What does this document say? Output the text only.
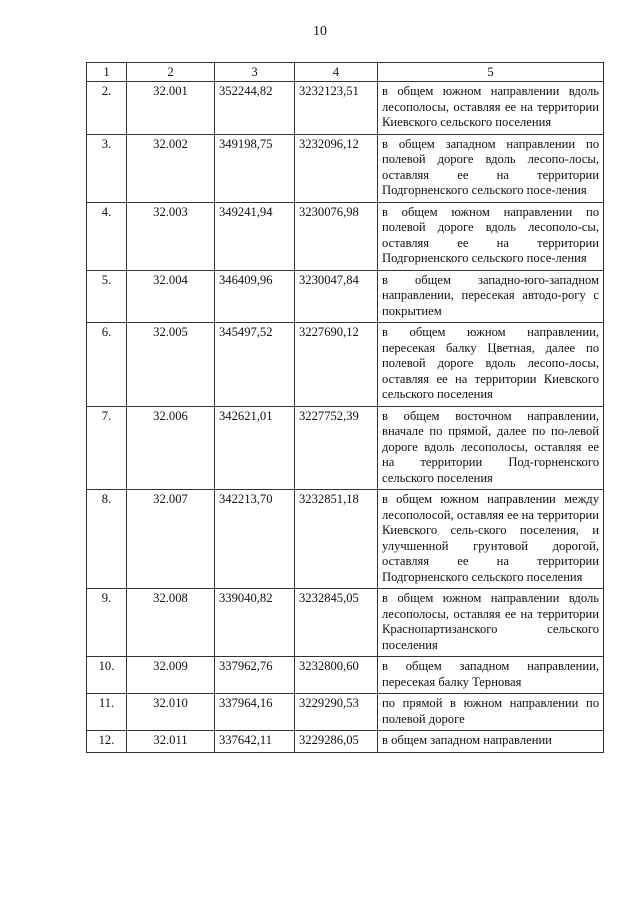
10
1	2	3	4	5
2.	32.001	352244,82	3232123,51	в общем южном направлении вдоль лесополосы, оставляя ее на территории Киевского сельского поселения
3.	32.002	349198,75	3232096,12	в общем западном направлении по полевой дороге вдоль лесопо-лосы, оставляя ее на территории Подгорненского сельского посе-ления
4.	32.003	349241,94	3230076,98	в общем южном направлении по полевой дороге вдоль лесополо-сы, оставляя ее на территории Подгорненского сельского посе-ления
5.	32.004	346409,96	3230047,84	в общем западно-юго-западном направлении, пересекая автодо-рогу с покрытием
6.	32.005	345497,52	3227690,12	в общем южном направлении, пересекая балку Цветная, далее по полевой дороге вдоль лесопо-лосы, оставляя ее на территории Киевского сельского поселения
7.	32.006	342621,01	3227752,39	в общем восточном направлении, вначале по прямой, далее по по-левой дороге вдоль лесополосы, оставляя ее на территории Под-горненского сельского поселения
8.	32.007	342213,70	3232851,18	в общем южном направлении между лесополосой, оставляя ее на территории Киевского сель-ского поселения, и улучшенной грунтовой дорогой, оставляя ее на территории Подгорненского сельского поселения
9.	32.008	339040,82	3232845,05	в общем южном направлении вдоль лесополосы, оставляя ее на территории Краснопартизанского сельского поселения
10.	32.009	337962,76	3232800,60	в общем западном направлении, пересекая балку Терновая
11.	32.010	337964,16	3229290,53	по прямой в южном направлении по полевой дороге
12.	32.011	337642,11	3229286,05	в общем западном направлении
